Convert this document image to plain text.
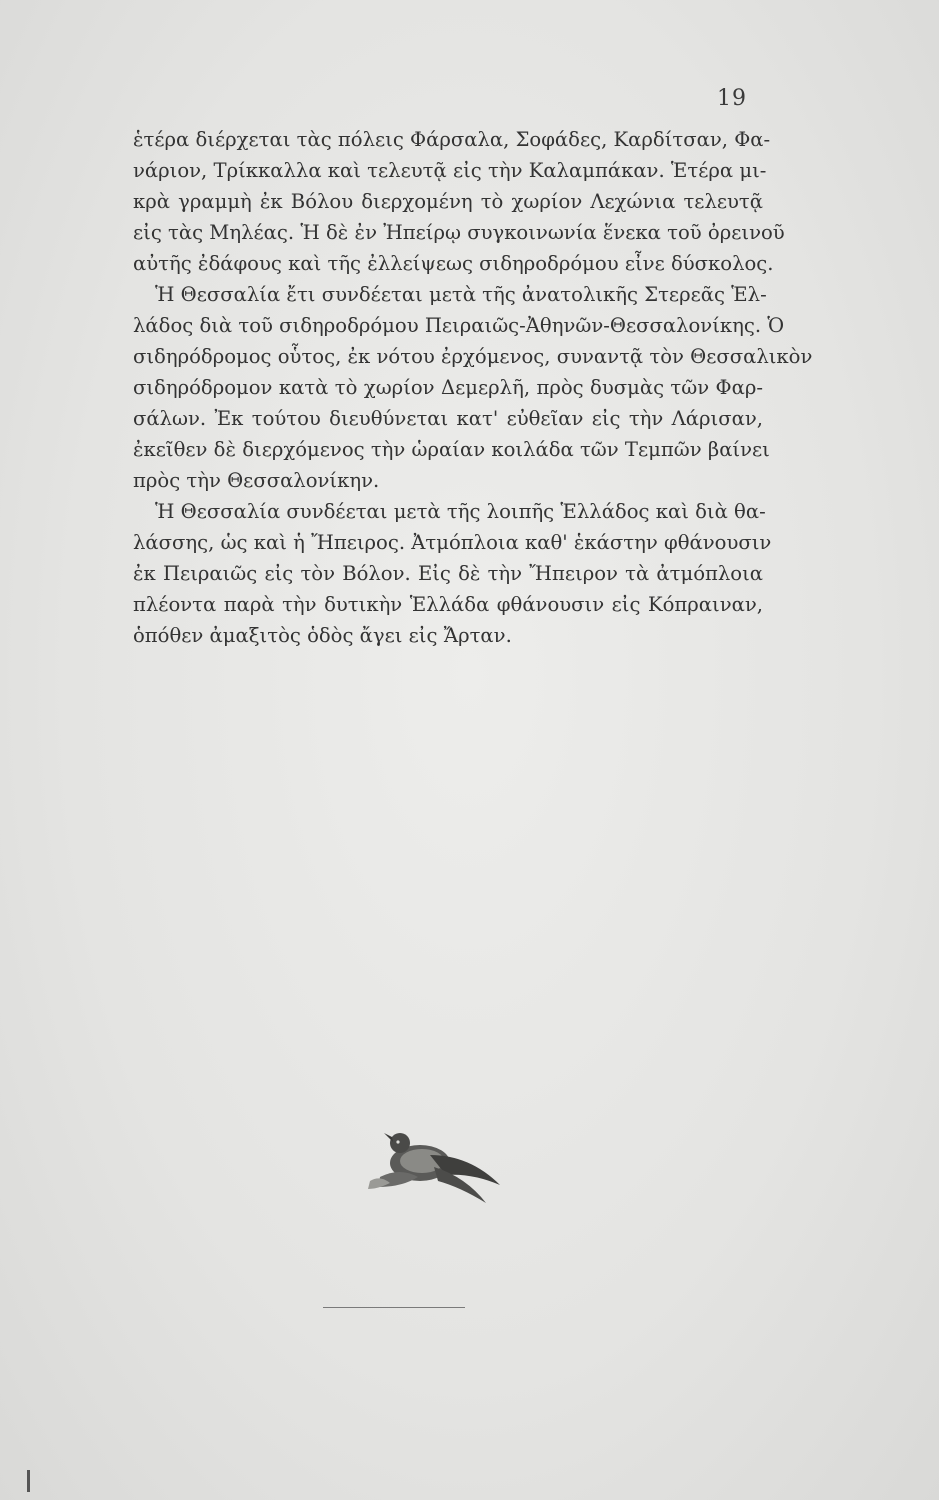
19
ἑτέρα διέρχεται τὰς πόλεις Φάρσαλα, Σοφάδες, Καρδίτσαν, Φα-
νάριον, Τρίκκαλλα καὶ τελευτᾷ εἰς τὴν Καλαμπάκαν. Ἑτέρα μι-
κρὰ γραμμὴ ἐκ Βόλου διερχομένη τὸ χωρίον Λεχώνια τελευτᾷ
εἰς τὰς Μηλέας. Ἡ δὲ ἐν Ἠπείρῳ συγκοινωνία ἕνεκα τοῦ ὀρεινοῦ
αὐτῆς ἐδάφους καὶ τῆς ἐλλείψεως σιδηροδρόμου εἶνε δύσκολος.
Ἡ Θεσσαλία ἔτι συνδέεται μετὰ τῆς ἀνατολικῆς Στερεᾶς Ἑλ-
λάδος διὰ τοῦ σιδηροδρόμου Πειραιῶς-Ἀθηνῶν-Θεσσαλονίκης. Ὁ
σιδηρόδρομος οὗτος, ἐκ νότου ἐρχόμενος, συναντᾷ τὸν Θεσσαλικὸν
σιδηρόδρομον κατὰ τὸ χωρίον Δεμερλῆ, πρὸς δυσμὰς τῶν Φαρ-
σάλων. Ἐκ τούτου διευθύνεται κατ' εὐθεῖαν εἰς τὴν Λάρισαν,
ἐκεῖθεν δὲ διερχόμενος τὴν ὡραίαν κοιλάδα τῶν Τεμπῶν βαίνει
πρὸς τὴν Θεσσαλονίκην.
Ἡ Θεσσαλία συνδέεται μετὰ τῆς λοιπῆς Ἑλλάδος καὶ διὰ θα-
λάσσης, ὡς καὶ ἡ Ἤπειρος. Ἀτμόπλοια καθ' ἑκάστην φθάνουσιν
ἐκ Πειραιῶς εἰς τὸν Βόλον. Εἰς δὲ τὴν Ἤπειρον τὰ ἀτμόπλοια
πλέοντα παρὰ τὴν δυτικὴν Ἑλλάδα φθάνουσιν εἰς Κόπραιναν,
ὁπόθεν ἀμαξιτὸς ὁδὸς ἄγει εἰς Ἄρταν.
